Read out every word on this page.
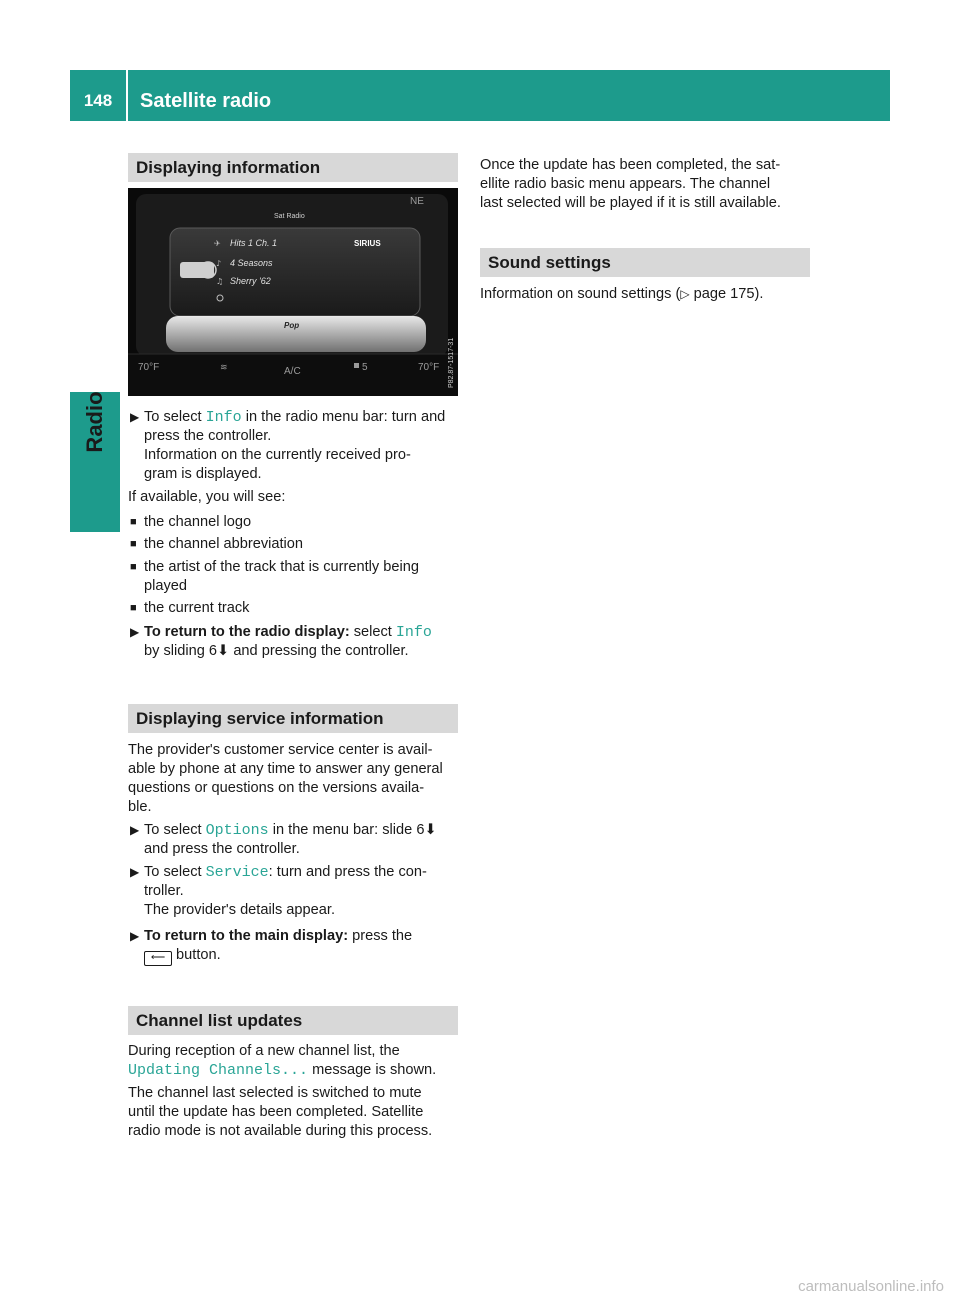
148	Satellite radio
Radio
Displaying information
NE
Sat Radio
Hits 1 Ch. 1
4 Seasons
Sherry '62
✈
♪
♫
SIRIUS
Pop
70°F	≋	A/C	5	70°F P82.87-1517-31
▶ To select Info in the radio menu bar: turn and
press the controller.
Information on the currently received pro-
gram is displayed.
If available, you will see:
■ the channel logo
■ the channel abbreviation
■ the artist of the track that is currently being
played
■ the current track
▶ To return to the radio display: select Info
by sliding 6⬇ and pressing the controller.
Displaying service information
The provider's customer service center is avail-
able by phone at any time to answer any general
questions or questions on the versions availa-
ble.
▶ To select Options in the menu bar: slide 6⬇
and press the controller.
▶ To select Service: turn and press the con-
troller.
The provider's details appear.
▶ To return to the main display: press the
⟵ button.
Channel list updates
During reception of a new channel list, the
Updating Channels... message is shown.
The channel last selected is switched to mute
until the update has been completed. Satellite
radio mode is not available during this process.
Once the update has been completed, the sat-
ellite radio basic menu appears. The channel
last selected will be played if it is still available.
Sound settings
Information on sound settings (▷ page 175).
carmanualsonline.info
